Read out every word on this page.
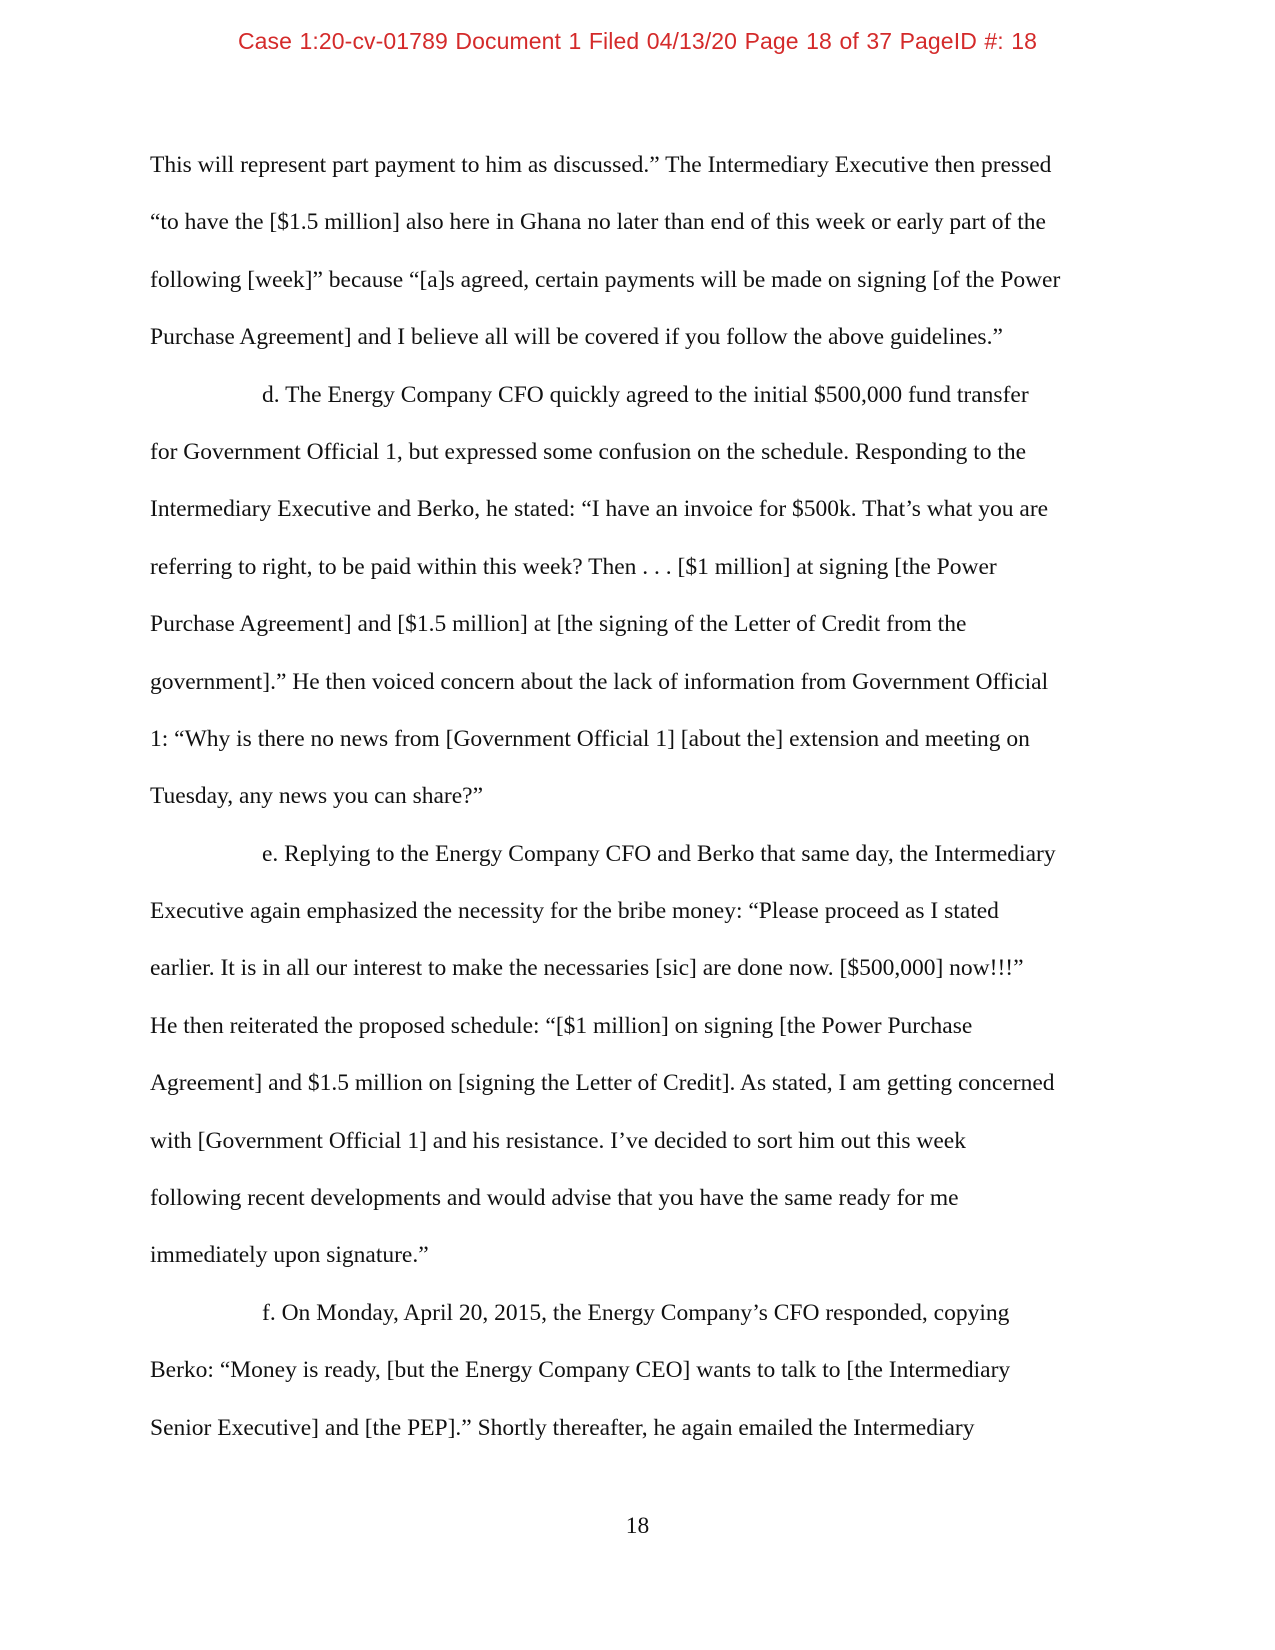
Case 1:20-cv-01789 Document 1 Filed 04/13/20 Page 18 of 37 PageID #: 18
This will represent part payment to him as discussed.” The Intermediary Executive then pressed
“to have the [$1.5 million] also here in Ghana no later than end of this week or early part of the
following [week]” because “[a]s agreed, certain payments will be made on signing [of the Power
Purchase Agreement] and I believe all will be covered if you follow the above guidelines.”
d. The Energy Company CFO quickly agreed to the initial $500,000 fund transfer
for Government Official 1, but expressed some confusion on the schedule. Responding to the
Intermediary Executive and Berko, he stated: “I have an invoice for $500k. That’s what you are
referring to right, to be paid within this week? Then . . . [$1 million] at signing [the Power
Purchase Agreement] and [$1.5 million] at [the signing of the Letter of Credit from the
government].” He then voiced concern about the lack of information from Government Official
1: “Why is there no news from [Government Official 1] [about the] extension and meeting on
Tuesday, any news you can share?”
e. Replying to the Energy Company CFO and Berko that same day, the Intermediary
Executive again emphasized the necessity for the bribe money: “Please proceed as I stated
earlier. It is in all our interest to make the necessaries [sic] are done now. [$500,000] now!!!”
He then reiterated the proposed schedule: “[$1 million] on signing [the Power Purchase
Agreement] and $1.5 million on [signing the Letter of Credit]. As stated, I am getting concerned
with [Government Official 1] and his resistance. I’ve decided to sort him out this week
following recent developments and would advise that you have the same ready for me
immediately upon signature.”
f. On Monday, April 20, 2015, the Energy Company’s CFO responded, copying
Berko: “Money is ready, [but the Energy Company CEO] wants to talk to [the Intermediary
Senior Executive] and [the PEP].” Shortly thereafter, he again emailed the Intermediary
18
